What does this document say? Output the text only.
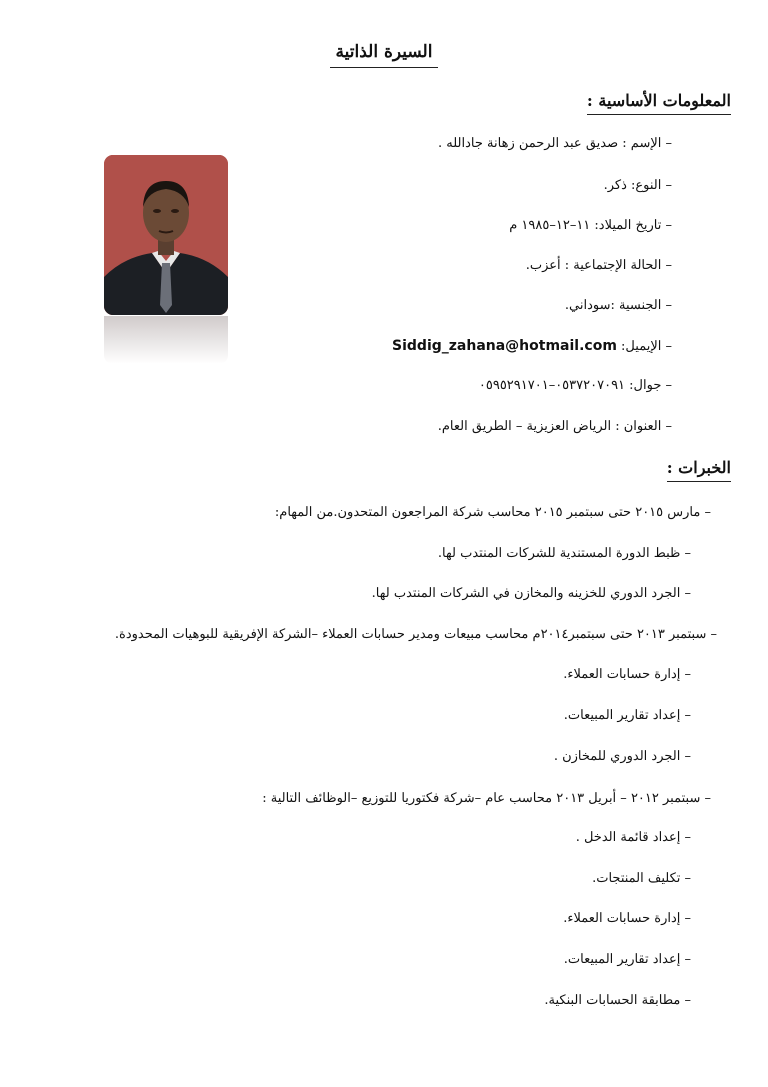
السيرة الذاتية
المعلومات الأساسية :
– الإسم : صديق عبد الرحمن زهانة جادالله .
– النوع: ذكر.
– تاريخ الميلاد: ١١–١٢–١٩٨٥ م
– الحالة الإجتماعية : أعزب.
– الجنسية :سوداني.
– الإيميل: Siddig_zahana@hotmail.com
– جوال: ٠٥٣٧٢٠٧٠٩١–٠٥٩٥٢٩١٧٠١
– العنوان : الرياض العزيزية – الطريق العام.
الخبرات :
– مارس ٢٠١٥ حتى سبتمبر ٢٠١٥ محاسب شركة المراجعون المتحدون.من المهام:
– ظبط الدورة المستندية للشركات المنتدب لها.
– الجرد الدوري للخزينه والمخازن في الشركات المنتدب لها.
– سبتمبر ٢٠١٣ حتى سبتمبر٢٠١٤م محاسب مبيعات ومدير حسابات العملاء –الشركة الإفريقية للبوهيات المحدودة.
– إدارة حسابات العملاء.
– إعداد تقارير المبيعات.
– الجرد الدوري للمخازن .
– سبتمبر ٢٠١٢ – أبريل ٢٠١٣ محاسب عام –شركة فكتوريا للتوزيع –الوظائف التالية :
– إعداد قائمة الدخل .
– تكليف المنتجات.
– إدارة حسابات العملاء.
– إعداد تقارير المبيعات.
– مطابقة الحسابات البنكية.
